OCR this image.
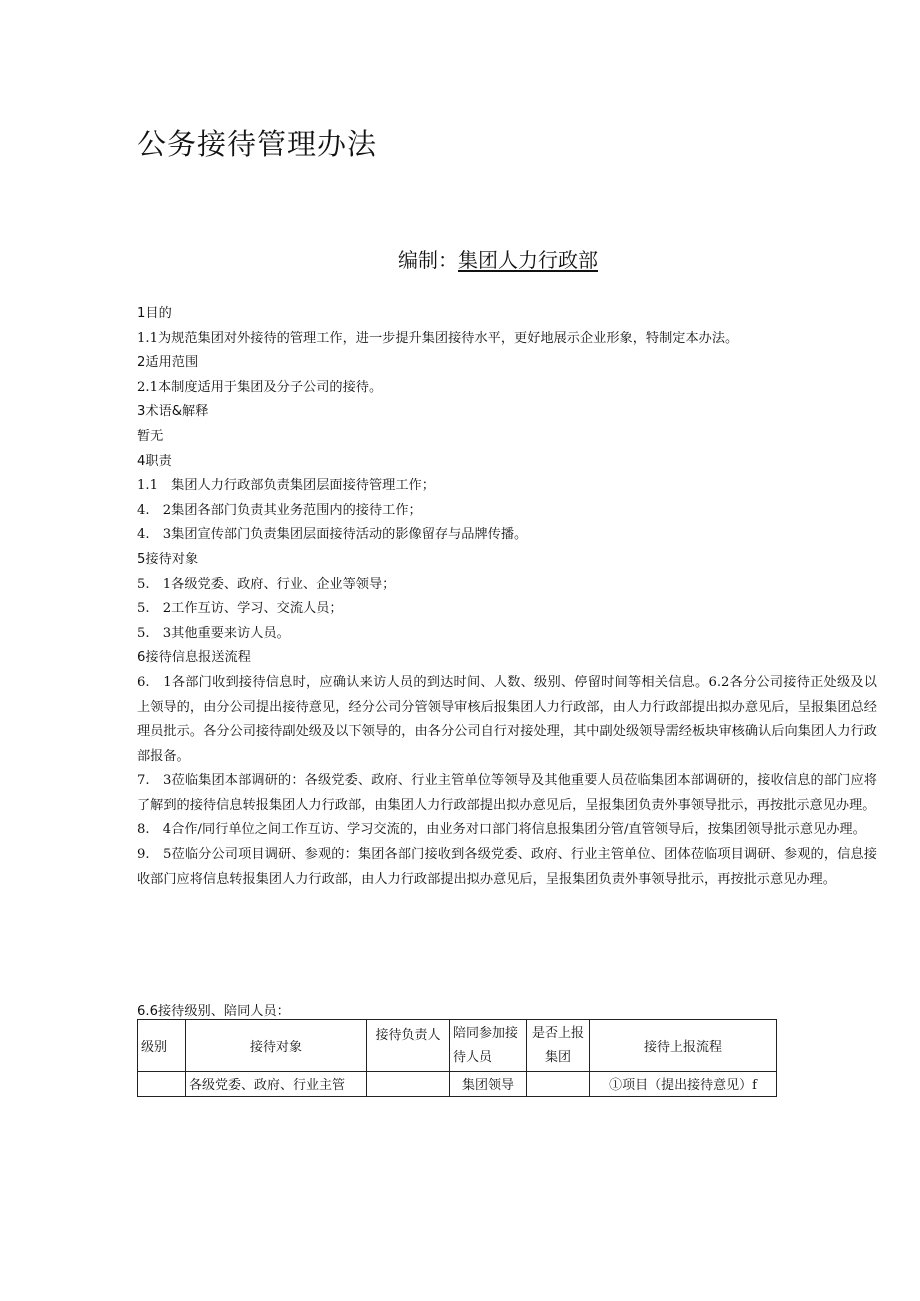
公务接待管理办法
编制：集团人力行政部
1目的
1.1为规范集团对外接待的管理工作，进一步提升集团接待水平，更好地展示企业形象，特制定本办法。
2适用范围
2.1本制度适用于集团及分子公司的接待。
3术语&解释
暂无
4职责
1.1　集团人力行政部负责集团层面接待管理工作；
4.　2集团各部门负责其业务范围内的接待工作；
4.　3集团宣传部门负责集团层面接待活动的影像留存与品牌传播。
5接待对象
5.　1各级党委、政府、行业、企业等领导；
5.　2工作互访、学习、交流人员；
5.　3其他重要来访人员。
6接待信息报送流程
6.　1各部门收到接待信息时，应确认来访人员的到达时间、人数、级别、停留时间等相关信息。6.2各分公司接待正处级及以上领导的，由分公司提出接待意见，经分公司分管领导审核后报集团人力行政部，由人力行政部提出拟办意见后，呈报集团总经理员批示。各分公司接待副处级及以下领导的，由各分公司自行对接处理，其中副处级领导需经板块审核确认后向集团人力行政部报备。
7.　3莅临集团本部调研的：各级党委、政府、行业主管单位等领导及其他重要人员莅临集团本部调研的，接收信息的部门应将了解到的接待信息转报集团人力行政部，由集团人力行政部提出拟办意见后，呈报集团负责外事领导批示，再按批示意见办理。
8.　4合作/同行单位之间工作互访、学习交流的，由业务对口部门将信息报集团分管/直管领导后，按集团领导批示意见办理。
9.　5莅临分公司项目调研、参观的：集团各部门接收到各级党委、政府、行业主管单位、团体莅临项目调研、参观的，信息接收部门应将信息转报集团人力行政部，由人力行政部提出拟办意见后，呈报集团负责外事领导批示，再按批示意见办理。
6.6接待级别、陪同人员：
级别	接待对象	接待负责人	陪同参加接待人员	是否上报集团	接待上报流程
	各级党委、政府、行业主管		集团领导		①项目（提出接待意见）f
